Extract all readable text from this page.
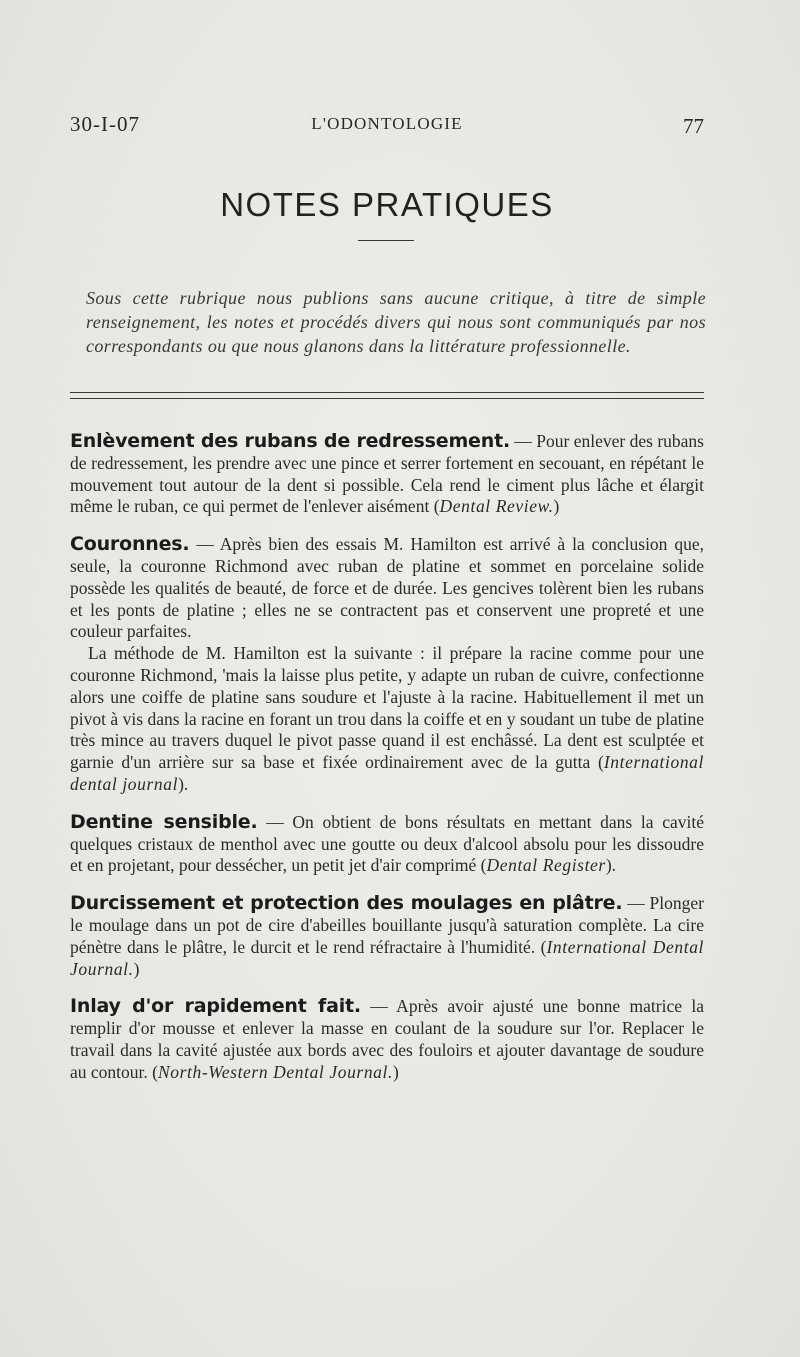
30-I-07	L'ODONTOLOGIE	77
NOTES PRATIQUES

Sous cette rubrique nous publions sans aucune critique, à titre de simple renseignement, les notes et procédés divers qui nous sont communiqués par nos correspondants ou que nous glanons dans la littérature professionnelle.

Enlèvement des rubans de redressement. — Pour enlever des rubans de redressement, les prendre avec une pince et serrer fortement en secouant, en répétant le mouvement tout autour de la dent si possible. Cela rend le ciment plus lâche et élargit même le ruban, ce qui permet de l'enlever aisément (Dental Review.)

Couronnes. — Après bien des essais M. Hamilton est arrivé à la conclusion que, seule, la couronne Richmond avec ruban de platine et sommet en porcelaine solide possède les qualités de beauté, de force et de durée. Les gencives tolèrent bien les rubans et les ponts de platine ; elles ne se contractent pas et conservent une propreté et une couleur parfaites.

La méthode de M. Hamilton est la suivante : il prépare la racine comme pour une couronne Richmond, 'mais la laisse plus petite, y adapte un ruban de cuivre, confectionne alors une coiffe de platine sans soudure et l'ajuste à la racine. Habituellement il met un pivot à vis dans la racine en forant un trou dans la coiffe et en y soudant un tube de platine très mince au travers duquel le pivot passe quand il est enchâssé. La dent est sculptée et garnie d'un arrière sur sa base et fixée ordinairement avec de la gutta (International dental journal).

Dentine sensible. — On obtient de bons résultats en mettant dans la cavité quelques cristaux de menthol avec une goutte ou deux d'alcool absolu pour les dissoudre et en projetant, pour dessécher, un petit jet d'air comprimé (Dental Register).

Durcissement et protection des moulages en plâtre. — Plonger le moulage dans un pot de cire d'abeilles bouillante jusqu'à saturation complète. La cire pénètre dans le plâtre, le durcit et le rend réfractaire à l'humidité. (International Dental Journal.)

Inlay d'or rapidement fait. — Après avoir ajusté une bonne matrice la remplir d'or mousse et enlever la masse en coulant de la soudure sur l'or. Replacer le travail dans la cavité ajustée aux bords avec des fouloirs et ajouter davantage de soudure au contour. (North-Western Dental Journal.)
